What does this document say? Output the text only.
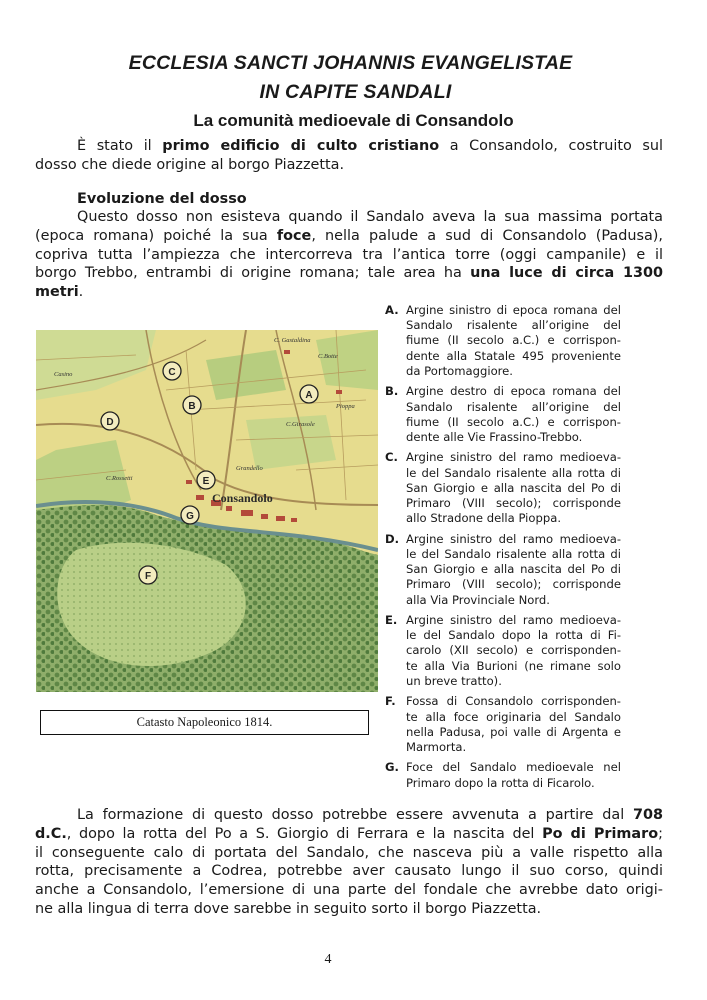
ECCLESIA SANCTI JOHANNIS EVANGELISTAE
IN CAPITE SANDALI
La comunità medioevale di Consandolo
È stato il primo edificio di culto cristiano a Consandolo, costruito sul
dosso che diede origine al borgo Piazzetta.
Evoluzione del dosso
Questo dosso non esisteva quando il Sandalo aveva la sua massima portata
(epoca romana) poiché la sua foce, nella palude a sud di Consandolo (Padusa),
copriva tutta l’ampiezza che intercorreva tra l’antica torre (oggi campanile) e il
borgo Trebbo, entrambi di origine romana; tale area ha una luce di circa 1300
metri.
C. Gastaldina
Casino
C.Botte
C.Girasole
Pioppa
C.Rossetti
Grandello
Consandolo
A
B
C
D
E
F
G
Catasto Napoleonico 1814.
A. Argine sinistro di epoca romana del
Sandalo risalente all’origine del
fiume (II secolo a.C.) e corrispon-
dente alla Statale 495 proveniente
da Portomaggiore.
B. Argine destro di epoca romana del
Sandalo risalente all’origine del
fiume (II secolo a.C.) e corrispon-
dente alle Vie Frassino-Trebbo.
C. Argine sinistro del ramo medioeva-
le del Sandalo risalente alla rotta di
San Giorgio e alla nascita del Po di
Primaro (VIII secolo); corrisponde
allo Stradone della Pioppa.
D. Argine sinistro del ramo medioeva-
le del Sandalo risalente alla rotta di
San Giorgio e alla nascita del Po di
Primaro (VIII secolo); corrisponde
alla Via Provinciale Nord.
E. Argine sinistro del ramo medioeva-
le del Sandalo dopo la rotta di Fi-
carolo (XII secolo) e corrisponden-
te alla Via Burioni (ne rimane solo
un breve tratto).
F. Fossa di Consandolo corrisponden-
te alla foce originaria del Sandalo
nella Padusa, poi valle di Argenta e
Marmorta.
G. Foce del Sandalo medioevale nel
Primaro dopo la rotta di Ficarolo.
La formazione di questo dosso potrebbe essere avvenuta a partire dal 708
d.C., dopo la rotta del Po a S. Giorgio di Ferrara e la nascita del Po di Primaro;
il conseguente calo di portata del Sandalo, che nasceva più a valle rispetto alla
rotta, precisamente a Codrea, potrebbe aver causato lungo il suo corso, quindi
anche a Consandolo, l’emersione di una parte del fondale che avrebbe dato origi-
ne alla lingua di terra dove sarebbe in seguito sorto il borgo Piazzetta.
4
